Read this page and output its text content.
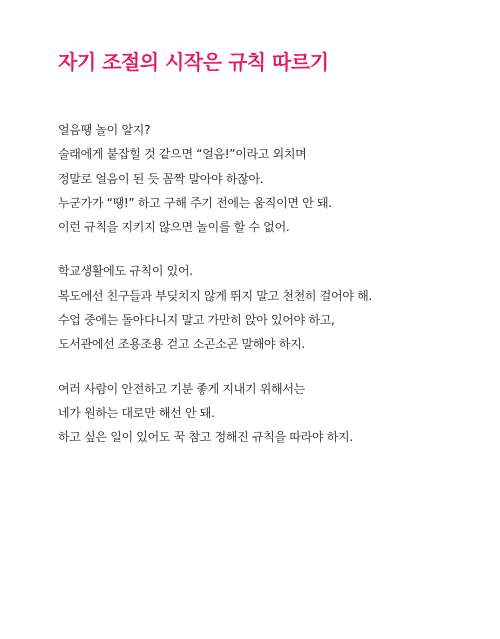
자기 조절의 시작은 규칙 따르기

얼음땡 놀이 알지?
술래에게 붙잡힐 것 같으면 “얼음!”이라고 외치며
정말로 얼음이 된 듯 꼼짝 말아야 하잖아.
누군가가 “땡!” 하고 구해 주기 전에는 움직이면 안 돼.
이런 규칙을 지키지 않으면 놀이를 할 수 없어.

학교생활에도 규칙이 있어.
복도에선 친구들과 부딪치지 않게 뛰지 말고 천천히 걸어야 해.
수업 중에는 돌아다니지 말고 가만히 앉아 있어야 하고,
도서관에선 조용조용 걷고 소곤소곤 말해야 하지.

여러 사람이 안전하고 기분 좋게 지내기 위해서는
네가 원하는 대로만 해선 안 돼.
하고 싶은 일이 있어도 꾹 참고 정해진 규칙을 따라야 하지.
